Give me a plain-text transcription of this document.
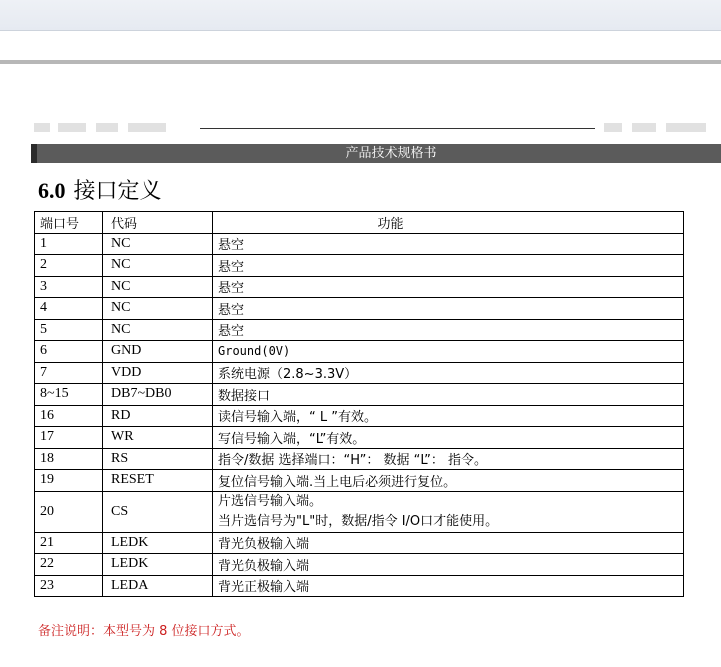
产品技术规格书
6.0 接口定义
端口号	代码	功能
1	NC	悬空
2	NC	悬空
3	NC	悬空
4	NC	悬空
5	NC	悬空
6	GND	Ground(0V)
7	VDD	系统电源（2.8~3.3V）
8~15	DB7~DB0	数据接口
16	RD	读信号输入端，“ L ”有效。
17	WR	写信号输入端，“L”有效。
18	RS	指令/数据 选择端口：“H”： 数据 “L”： 指令。
19	RESET	复位信号输入端.当上电后必须进行复位。
20	CS	片选信号输入端。
当片选信号为"L"时，数据/指令 I/O口才能使用。

21	LEDK	背光负极输入端
22	LEDK	背光负极输入端
23	LEDA	背光正极输入端
备注说明：本型号为 8 位接口方式。
